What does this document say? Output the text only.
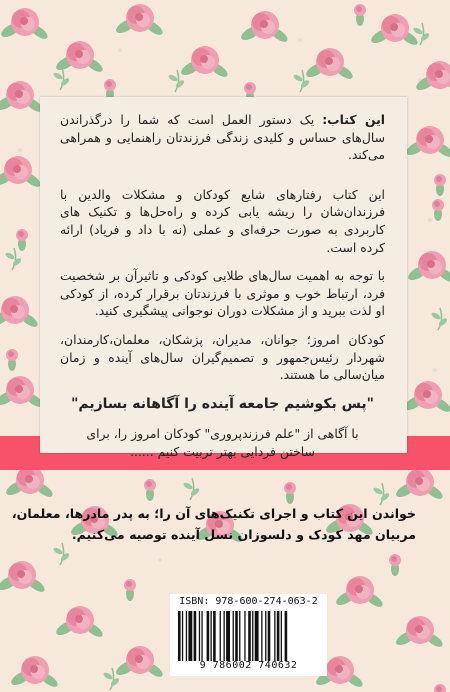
این کتاب: یک دستور العمل است که شما را درگذراندن سال‌های حساس و کلیدی زندگی فرزندتان راهنمایی و همراهی می‌کند.

این کتاب رفتارهای شایع کودکان و مشکلات والدین با فرزندان‌شان را ریشه یابی کرده و راه‌حل‌ها و تکنیک های کاربردی به صورت حرفه‌ای و عملی (نه با داد و فریاد) ارائه کرده است.

با توجه به اهمیت سال‌های طلایی کودکی و تاثیرآن بر شخصیت فرد، ارتباط خوب و موثری با فرزندتان برقرار کرده، از کودکی او لذت ببرید و از مشکلات دوران نوجوانی پیشگیری کنید.

کودکان امروز؛ جوانان، مدیران، پزشکان، معلمان،کارمندان، شهردار رئیس‌جمهور و تصمیم‌گیران سال‌های آینده و زمان میان‌سالی ما هستند.

"پس بکوشیم جامعه آینده را آگاهانه بسازیم"
با آگاهی از "علم فرزندپروری" کودکان امروز را، برای
ساختن فردایی بهتر تربیت کنیم ......
خواندن این کتاب و اجرای تکنیک‌های آن را؛ به پدر مادرها، معلمان،
مربیان مهد کودک و دلسوزان نسل آینده توصیه می‌کنیم.
ISBN: 978-600-274-063-2
9 786002 740632
